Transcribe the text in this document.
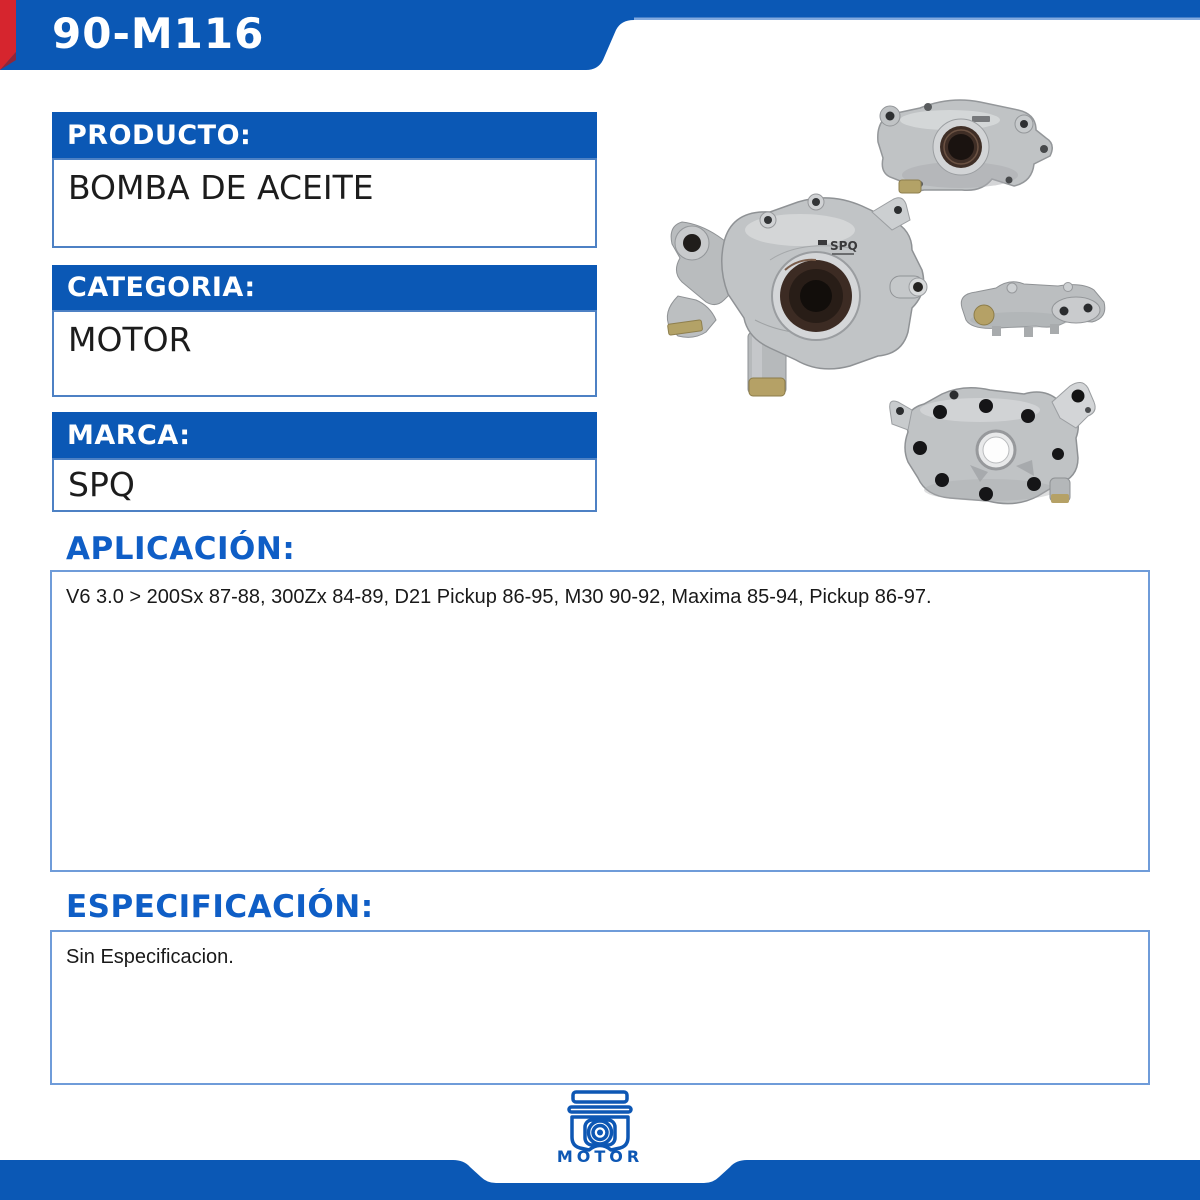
90-M116
PRODUCTO:
BOMBA DE ACEITE
CATEGORIA:
MOTOR
MARCA:
SPQ
SPQ
APLICACIÓN:
V6 3.0 > 200Sx 87-88, 300Zx 84-89, D21 Pickup 86-95, M30 90-92, Maxima 85-94, Pickup 86-97.
ESPECIFICACIÓN:
Sin Especificacion.
MOTOR
